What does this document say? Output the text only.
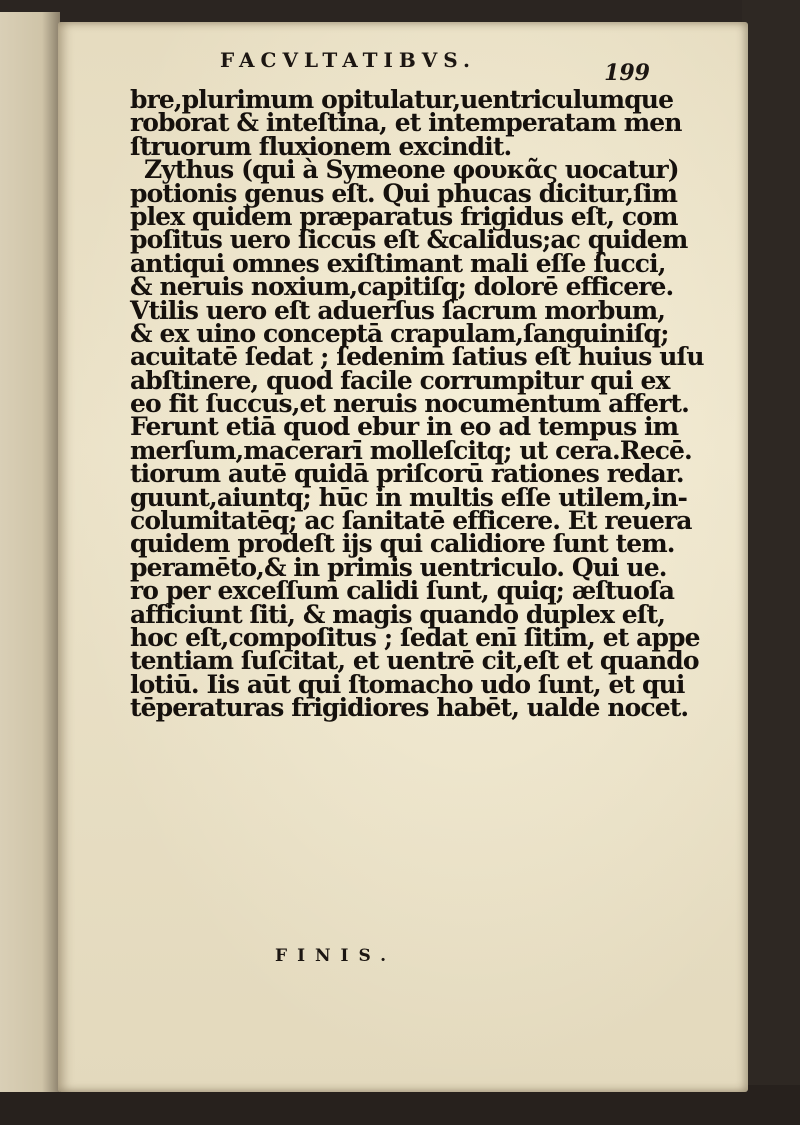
FACVLTATIBVS.	199
bre,plurimum opitulatur,uentriculumque
roborat & inteſtina, et intemperatam men
ſtruorum fluxionem excindit.
Zythus (qui à Symeone φουκᾶς uocatur)
potionis genus eſt. Qui phucas dicitur,ſim
plex quidem præparatus frigidus eſt, com
poſitus uero ſiccus eſt &calidus;ac quidem
antiqui omnes exiſtimant mali eſſe ſucci,
& neruis noxium,capitiſq; dolorē efficere.
Vtilis uero eſt aduerſus ſacrum morbum,
& ex uino conceptā crapulam,ſanguiniſq;
acuitatē ſedat ; ſedenim ſatius eſt huius uſu
abſtinere, quod facile corrumpitur qui ex
eo fit ſuccus,et neruis nocumentum affert.
Ferunt etiā quod ebur in eo ad tempus im
merſum,macerarī molleſcitq; ut cera.Recē.
tiorum autē quidā priſcorū rationes redar.
guunt,aiuntq; hūc in multis eſſe utilem,in-
columitatēq; ac ſanitatē efficere. Et reuera
quidem prodeſt ijs qui calidiore ſunt tem.
peramēto,& in primis uentriculo. Qui ue.
ro per exceſſum calidi ſunt, quiq; æſtuoſa
afficiunt ſiti, & magis quando duplex eſt,
hoc eſt,compoſitus ; ſedat enī ſitim, et appe
tentiam ſuſcitat, et uentrē cit,eſt et quando
lotiū. Iis aūt qui ſtomacho udo ſunt, et qui
tēperaturas frigidiores habēt, ualde nocet.
FINIS.
